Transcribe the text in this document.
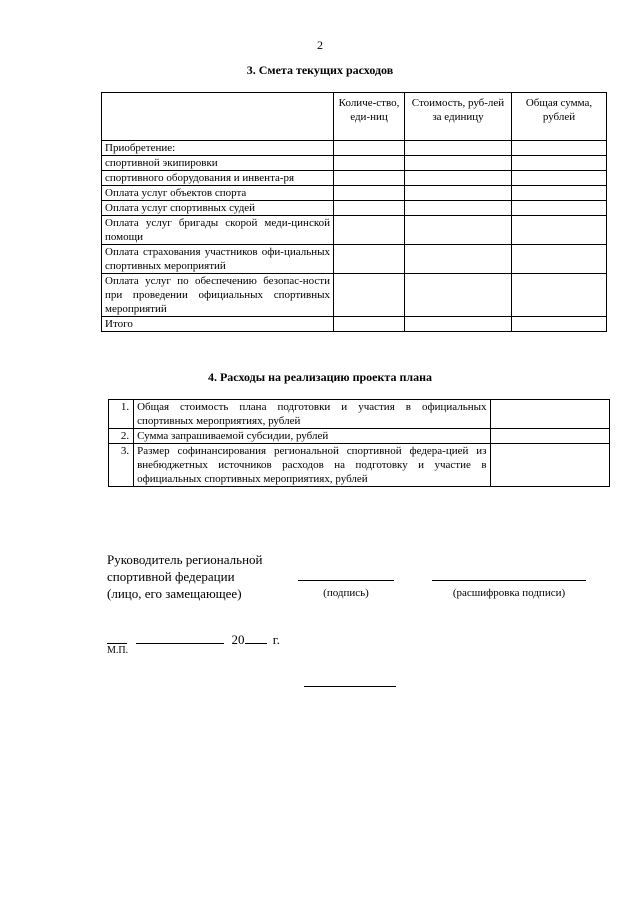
2
3. Смета текущих расходов
	Количе-ство, еди-ниц	Стоимость, руб-лей за единицу	Общая сумма, рублей
Приобретение:			
спортивной экипировки			
спортивного оборудования и инвента-ря			
Оплата услуг объектов спорта			
Оплата услуг спортивных судей			
Оплата услуг бригады скорой меди-цинской помощи			
Оплата страхования участников офи-циальных спортивных мероприятий			
Оплата услуг по обеспечению безопас-ности при проведении официальных спортивных мероприятий			
Итого			
4. Расходы на реализацию проекта плана
1.	Общая стоимость плана подготовки и участия в официальных спортивных мероприятиях, рублей	
2.	Сумма запрашиваемой субсидии, рублей	
3.	Размер софинансирования региональной спортивной федера-цией из внебюджетных источников расходов на подготовку и участие в официальных спортивных мероприятиях, рублей	
Руководитель региональной
спортивной федерации
(лицо, его замещающее)	(подпись)	(расшифровка подписи)
20 г.
М.П.
